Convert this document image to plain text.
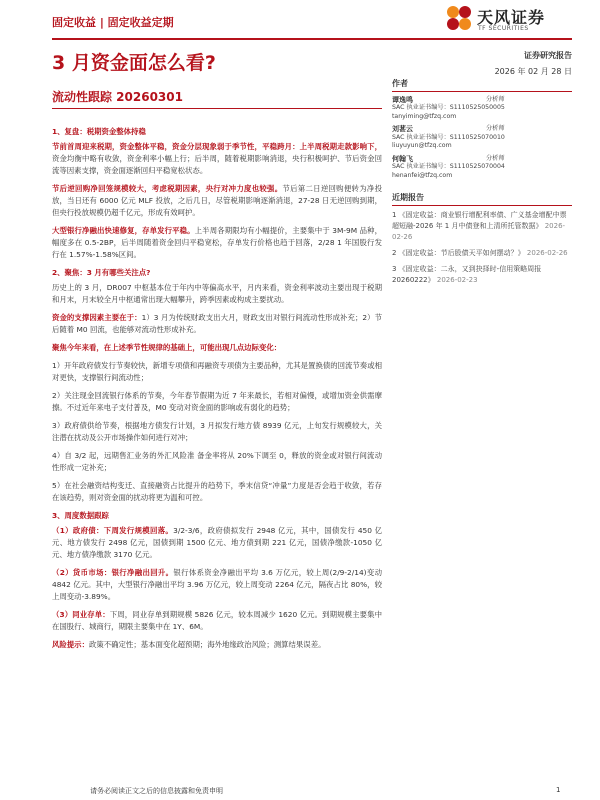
固定收益 | 固定收益定期	天风证券
TF SECURITIES
3 月资金面怎么看?	证券研究报告
2026 年 02 月 28 日
流动性跟踪 20260301
1、复盘：税期资金整体持稳

节前首周迎来税期，资金整体平稳，资金分层现象弱于季节性，平稳跨月：上半周税期走款影响下，资金均衡中略有收敛，资金利率小幅上行；后半周，随着税期影响消退，央行积极呵护、节后资金回流等因素支撑，资金面逐渐回归平稳宽松状态。

节后逆回购净回笼规模较大，考虑税期因素，央行对冲力度也较强。节后第二日逆回购便转为净投放，当日还有 6000 亿元 MLF 投放，之后几日，尽管税期影响逐渐消退，27-28 日无逆回购到期，但央行投放规模仍超千亿元，形成有效呵护。

大型银行净融出快速修复，存单发行平稳。上半周各期限均有小幅提价，主要集中于 3M-9M 品种，幅度多在 0.5-2BP，后半周随着资金回归平稳宽松，存单发行价格也趋于回落，2/28 1 年国股行发行在 1.57%-1.58%区间。

2、聚焦：3 月有哪些关注点?

历史上的 3 月，DR007 中枢基本位于年内中等偏高水平，月内来看，资金利率波动主要出现于税期和月末，月末较全月中枢通常出现大幅攀升，跨季因素或构成主要扰动。

资金的支撑因素主要在于：1）3 月为传统财政支出大月，财政支出对银行间流动性形成补充；2）节后随着 M0 回流，也能够对流动性形成补充。

聚焦今年来看，在上述季节性规律的基础上，可能出现几点边际变化：

1）开年政府债发行节奏较快，新增专项债和再融资专项债为主要品种，尤其是置换债的回流节奏或相对更快，支撑银行间流动性；

2）关注现金回流银行体系的节奏，今年春节假期为近 7 年来最长，若相对偏慢，或增加资金供需摩擦。不过近年来电子支付普及，M0 变动对资金面的影响或有弱化的趋势；

3）政府债供给节奏，根据地方债发行计划，3 月拟发行地方债 8939 亿元，上旬发行规模较大，关注潜在扰动及公开市场操作如何进行对冲；

4）自 3/2 起，远期售汇业务的外汇风险准 备金率将从 20%下调至 0，释放的资金或对银行间流动性形成一定补充；

5）在社会融资结构变迁、直接融资占比提升的趋势下，季末信贷“冲量”力度是否会趋于收敛，若存在该趋势，则对资金面的扰动将更为温和可控。

3、周度数据跟踪

（1）政府债：下周发行规模回落。3/2-3/6，政府债拟发行 2948 亿元，其中，国债发行 450 亿元、地方债发行 2498 亿元，国债到期 1500 亿元、地方债到期 221 亿元，国债净缴款-1050 亿元、地方债净缴款 3170 亿元。

（2）货币市场：银行净融出回升。银行体系资金净融出平均 3.6 万亿元，较上周(2/9-2/14)变动 4842 亿元。其中，大型银行净融出平均 3.96 万亿元，较上周变动 2264 亿元，隔夜占比 80%，较上周变动-3.89%。

（3）同业存单：下周，同业存单到期规模 5826 亿元，较本周减少 1620 亿元。到期规模主要集中在国股行、城商行，期限主要集中在 1Y、6M。

风险提示：政策不确定性；基本面变化超预期；海外地缘政治风险；测算结果误差。

作者
谭逸鸣	分析师
SAC 执业证书编号：S1110525050005
tanyiming@tfzq.com
刘葚云	分析师
SAC 执业证书编号：S1110525070010
liuyuyun@tfzq.com
何翰飞	分析师
SAC 执业证书编号：S1110525070004
henanfei@tfzq.com
近期报告
1 《固定收益：商业银行增配利率债、广义基金增配中票超短融-2026 年 1 月中债登和上清所托管数据》 2026-02-26
2 《固定收益：节后股债天平如何摆动？》 2026-02-26
3 《固定收益：二永，又到抉择时-信用策略周报 20260222》 2026-02-23
请务必阅读正文之后的信息披露和免责申明	1
